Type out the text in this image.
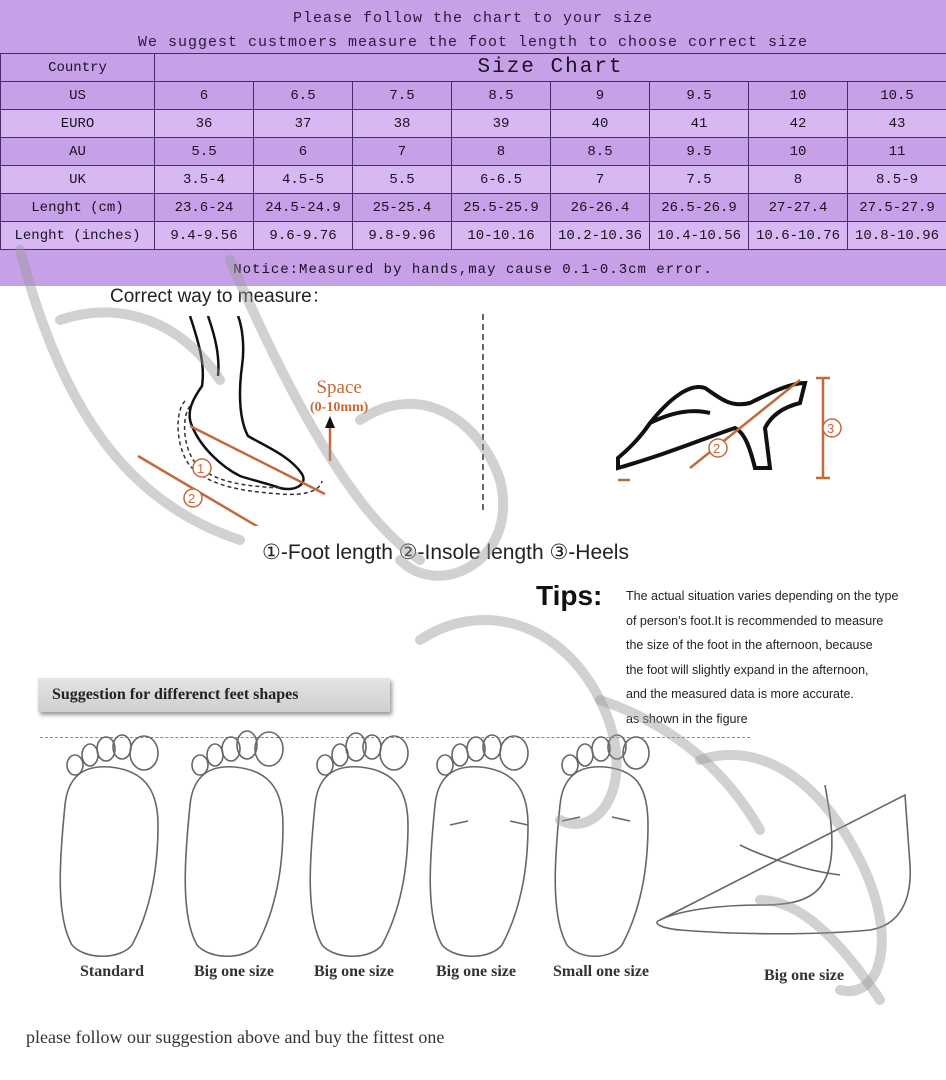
Please follow the chart to your size
We suggest custmoers measure the foot length to choose correct size
Country	Size Chart							
US	6	6.5	7.5	8.5	9	9.5	10	10.5
EURO	36	37	38	39	40	41	42	43
AU	5.5	6	7	8	8.5	9.5	10	11
UK	3.5-4	4.5-5	5.5	6-6.5	7	7.5	8	8.5-9
Lenght (cm)	23.6-24	24.5-24.9	25-25.4	25.5-25.9	26-26.4	26.5-26.9	27-27.4	27.5-27.9
Lenght (inches)	9.4-9.56	9.6-9.76	9.8-9.96	10-10.16	10.2-10.36	10.4-10.56	10.6-10.76	10.8-10.96
Notice:Measured by hands,may cause 0.1-0.3cm error.
Correct way to measure：
1
2
Space
(0-10mm)
2
3
①-Foot length ②-Insole length ③-Heels
Tips: The actual situation varies depending on the type
of person's foot.It is recommended to measure
the size of the foot in the afternoon, because
the foot will slightly expand in the afternoon,
and the measured data is more accurate.
as shown in the figure
Suggestion for differenct feet shapes
Standard	Big one size	Big one size	Big one size Small one size	Big one size
please follow our suggestion above and buy the fittest one
